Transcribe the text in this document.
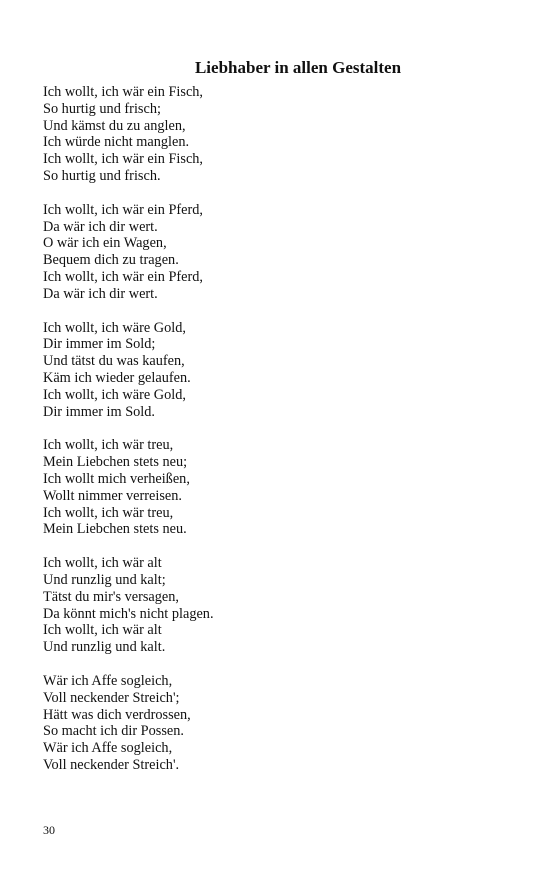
Liebhaber in allen Gestalten
Ich wollt, ich wär ein Fisch,
So hurtig und frisch;
Und kämst du zu anglen,
Ich würde nicht manglen.
Ich wollt, ich wär ein Fisch,
So hurtig und frisch.
Ich wollt, ich wär ein Pferd,
Da wär ich dir wert.
O wär ich ein Wagen,
Bequem dich zu tragen.
Ich wollt, ich wär ein Pferd,
Da wär ich dir wert.
Ich wollt, ich wäre Gold,
Dir immer im Sold;
Und tätst du was kaufen,
Käm ich wieder gelaufen.
Ich wollt, ich wäre Gold,
Dir immer im Sold.
Ich wollt, ich wär treu,
Mein Liebchen stets neu;
Ich wollt mich verheißen,
Wollt nimmer verreisen.
Ich wollt, ich wär treu,
Mein Liebchen stets neu.
Ich wollt, ich wär alt
Und runzlig und kalt;
Tätst du mir's versagen,
Da könnt mich's nicht plagen.
Ich wollt, ich wär alt
Und runzlig und kalt.
Wär ich Affe sogleich,
Voll neckender Streich';
Hätt was dich verdrossen,
So macht ich dir Possen.
Wär ich Affe sogleich,
Voll neckender Streich'.
30
